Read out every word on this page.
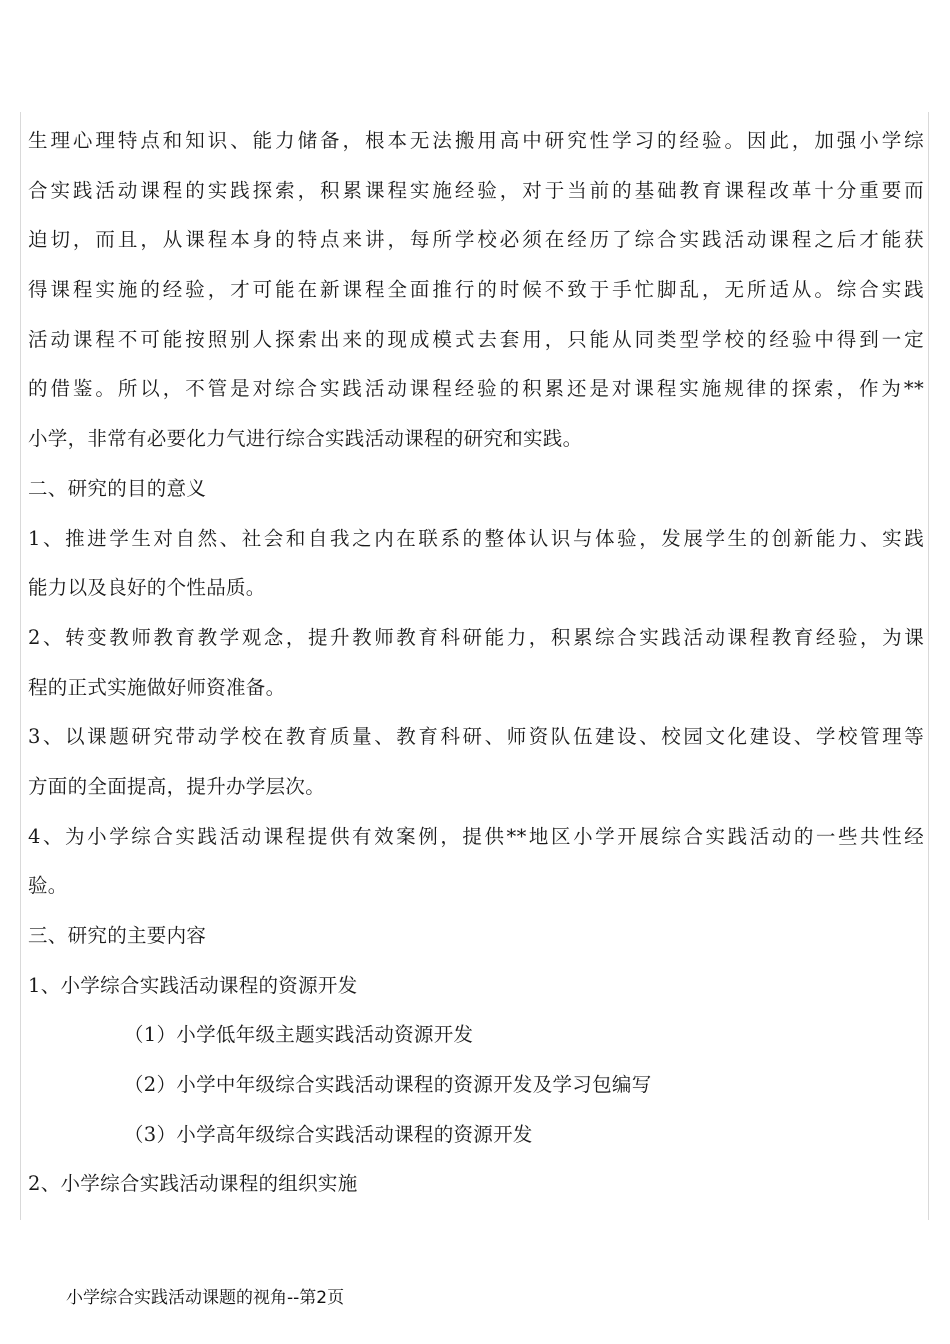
生理心理特点和知识、能力储备，根本无法搬用高中研究性学习的经验。因此，加强小学综
合实践活动课程的实践探索，积累课程实施经验，对于当前的基础教育课程改革十分重要而
迫切，而且，从课程本身的特点来讲，每所学校必须在经历了综合实践活动课程之后才能获
得课程实施的经验，才可能在新课程全面推行的时候不致于手忙脚乱，无所适从。综合实践
活动课程不可能按照别人探索出来的现成模式去套用，只能从同类型学校的经验中得到一定
的借鉴。所以，不管是对综合实践活动课程经验的积累还是对课程实施规律的探索，作为**
小学，非常有必要化力气进行综合实践活动课程的研究和实践。
二、研究的目的意义
1、推进学生对自然、社会和自我之内在联系的整体认识与体验，发展学生的创新能力、实践
能力以及良好的个性品质。
2、转变教师教育教学观念，提升教师教育科研能力，积累综合实践活动课程教育经验，为课
程的正式实施做好师资准备。
3、以课题研究带动学校在教育质量、教育科研、师资队伍建设、校园文化建设、学校管理等
方面的全面提高，提升办学层次。
4、为小学综合实践活动课程提供有效案例，提供**地区小学开展综合实践活动的一些共性经
验。
三、研究的主要内容
1、小学综合实践活动课程的资源开发
（1）小学低年级主题实践活动资源开发
（2）小学中年级综合实践活动课程的资源开发及学习包编写
（3）小学高年级综合实践活动课程的资源开发
2、小学综合实践活动课程的组织实施
小学综合实践活动课题的视角--第2页
